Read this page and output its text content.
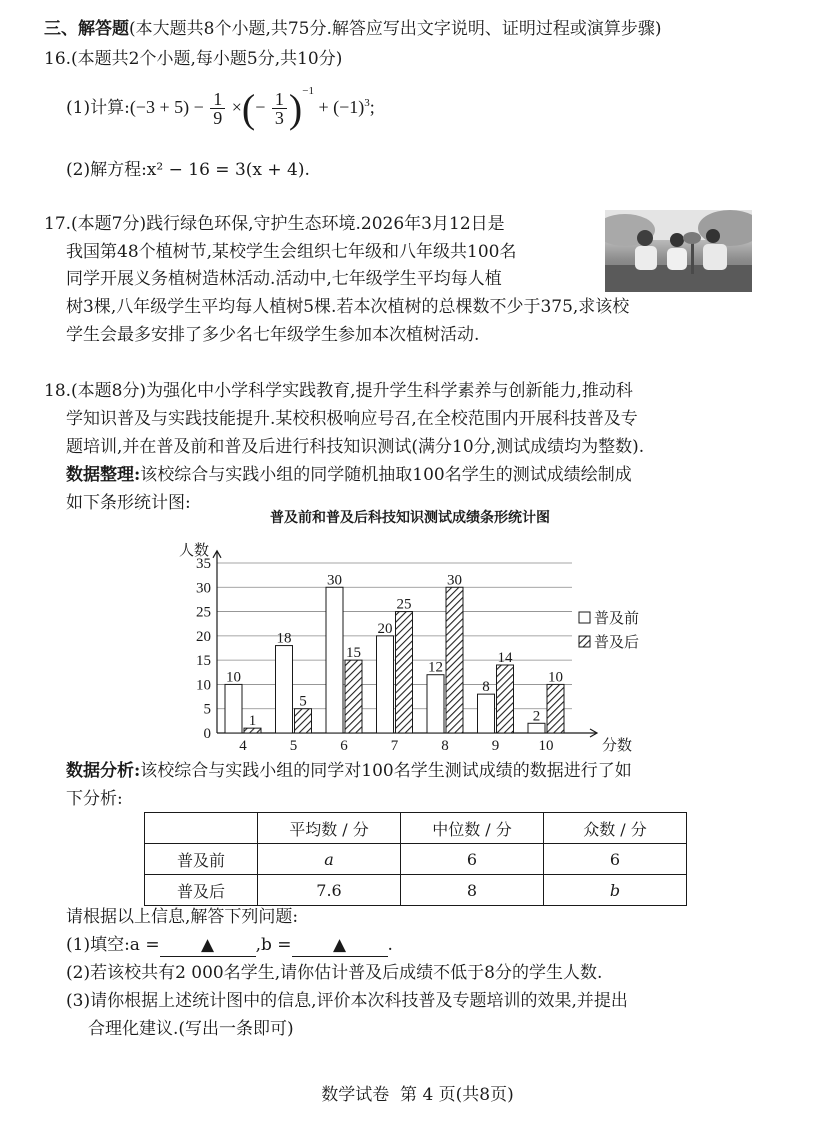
三、解答题(本大题共8个小题,共75分.解答应写出文字说明、证明过程或演算步骤)
16.(本题共2个小题,每小题5分,共10分)
(1)计算:(−3 + $5) - \frac{1}{9}$ ×(− $\frac{1}{3} )^{-1} + (-1)^3$;
(2)解方程:x² − 16 = 3(x + 4).
17.(本题7分)践行绿色环保,守护生态环境.2026年3月12日是
我国第48个植树节,某校学生会组织七年级和八年级共100名
同学开展义务植树造林活动.活动中,七年级学生平均每人植
树3棵,八年级学生平均每人植树5棵.若本次植树的总棵数不少于375,求该校
学生会最多安排了多少名七年级学生参加本次植树活动.
18.(本题8分)为强化中小学科学实践教育,提升学生科学素养与创新能力,推动科
学知识普及与实践技能提升.某校积极响应号召,在全校范围内开展科技普及专
题培训,并在普及前和普及后进行科技知识测试(满分10分,测试成绩均为整数).
数据整理:该校综合与实践小组的同学随机抽取100名学生的测试成绩绘制成
如下条形统计图:
普及前和普及后科技知识测试成绩条形统计图
0
5
10
15
20
25
30
35
人数
分数
10
1
4
18
5
5
30
15
6
20
25
7
12
30
8
8
14
9
2
10
10
普及前
普及后
数据分析:该校综合与实践小组的同学对100名学生测试成绩的数据进行了如
下分析:
	平均数 / 分	中位数 / 分	众数 / 分
普及前	a	6	6
普及后	7.6	8	b
请根据以上信息,解答下列问题:
(1)填空:a = ▲ ,b = ▲ .
(2)若该校共有2 000名学生,请你估计普及后成绩不低于8分的学生人数.
(3)请你根据上述统计图中的信息,评价本次科技普及专题培训的效果,并提出
合理化建议.(写出一条即可)
数学试卷  第 4 页(共8页)
